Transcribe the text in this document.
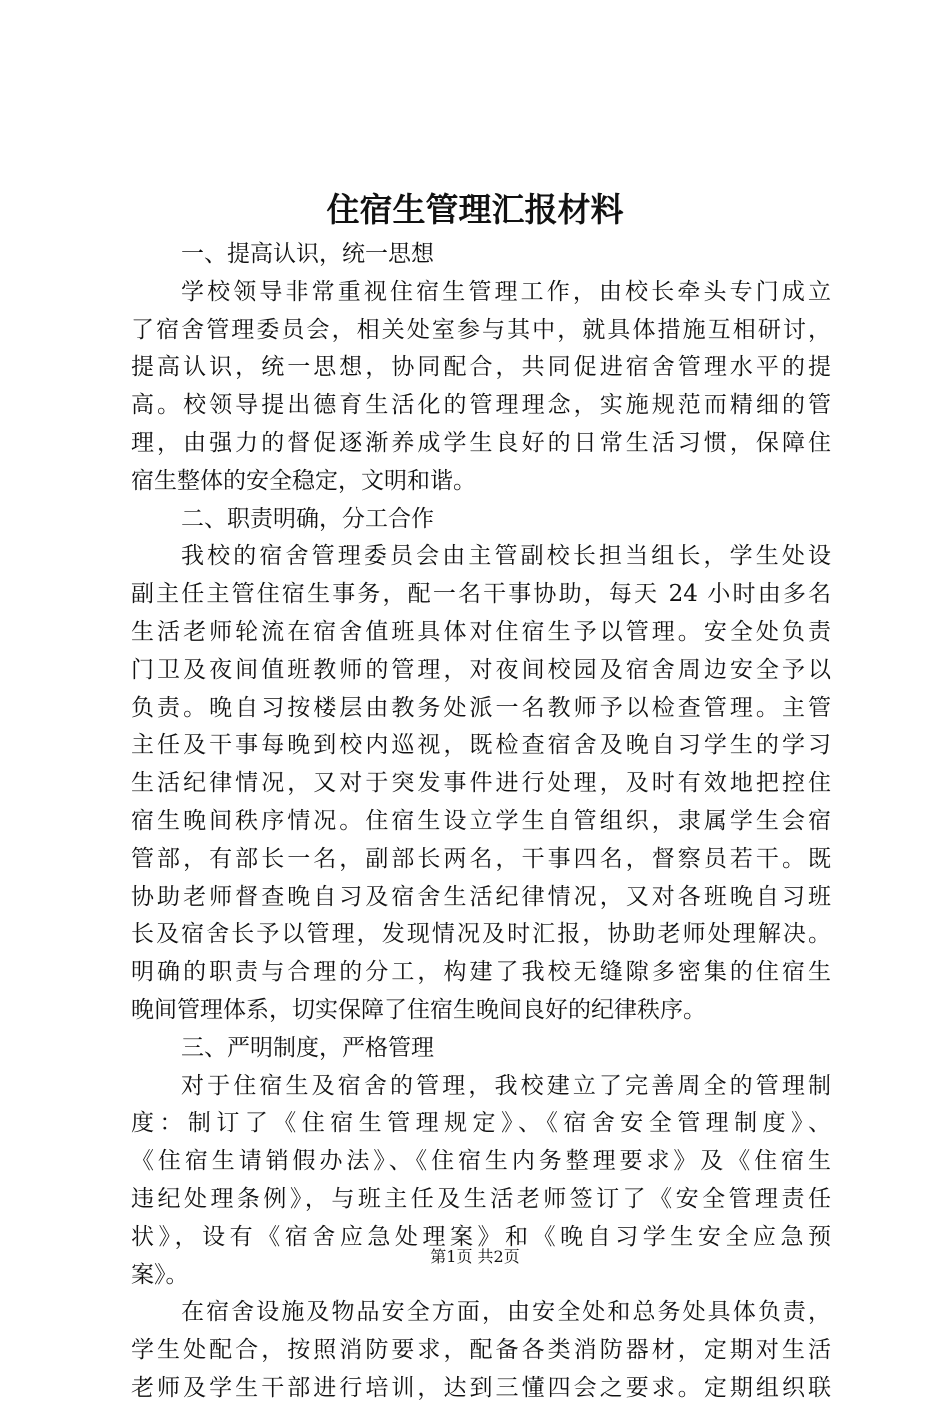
住宿生管理汇报材料
一、提高认识，统一思想
学校领导非常重视住宿生管理工作，由校长牵头专门成立
了宿舍管理委员会，相关处室参与其中，就具体措施互相研讨，
提高认识，统一思想，协同配合，共同促进宿舍管理水平的提
高。校领导提出德育生活化的管理理念，实施规范而精细的管
理，由强力的督促逐渐养成学生良好的日常生活习惯，保障住
宿生整体的安全稳定，文明和谐。
二、职责明确，分工合作
我校的宿舍管理委员会由主管副校长担当组长，学生处设
副主任主管住宿生事务，配一名干事协助，每天 24 小时由多名
生活老师轮流在宿舍值班具体对住宿生予以管理。安全处负责
门卫及夜间值班教师的管理，对夜间校园及宿舍周边安全予以
负责。晚自习按楼层由教务处派一名教师予以检查管理。主管
主任及干事每晚到校内巡视，既检查宿舍及晚自习学生的学习
生活纪律情况，又对于突发事件进行处理，及时有效地把控住
宿生晚间秩序情况。住宿生设立学生自管组织，隶属学生会宿
管部，有部长一名，副部长两名，干事四名，督察员若干。既
协助老师督查晚自习及宿舍生活纪律情况，又对各班晚自习班
长及宿舍长予以管理，发现情况及时汇报，协助老师处理解决。
明确的职责与合理的分工，构建了我校无缝隙多密集的住宿生
晚间管理体系，切实保障了住宿生晚间良好的纪律秩序。
三、严明制度，严格管理
对于住宿生及宿舍的管理，我校建立了完善周全的管理制
度：制订了《住宿生管理规定》、《宿舍安全管理制度》、
《住宿生请销假办法》、《住宿生内务整理要求》及《住宿生
违纪处理条例》，与班主任及生活老师签订了《安全管理责任
状》，设有《宿舍应急处理案》和《晚自习学生安全应急预
案》。
在宿舍设施及物品安全方面，由安全处和总务处具体负责，
学生处配合，按照消防要求，配备各类消防器材，定期对生活
老师及学生干部进行培训，达到三懂四会之要求。定期组织联
第1页 共2页
